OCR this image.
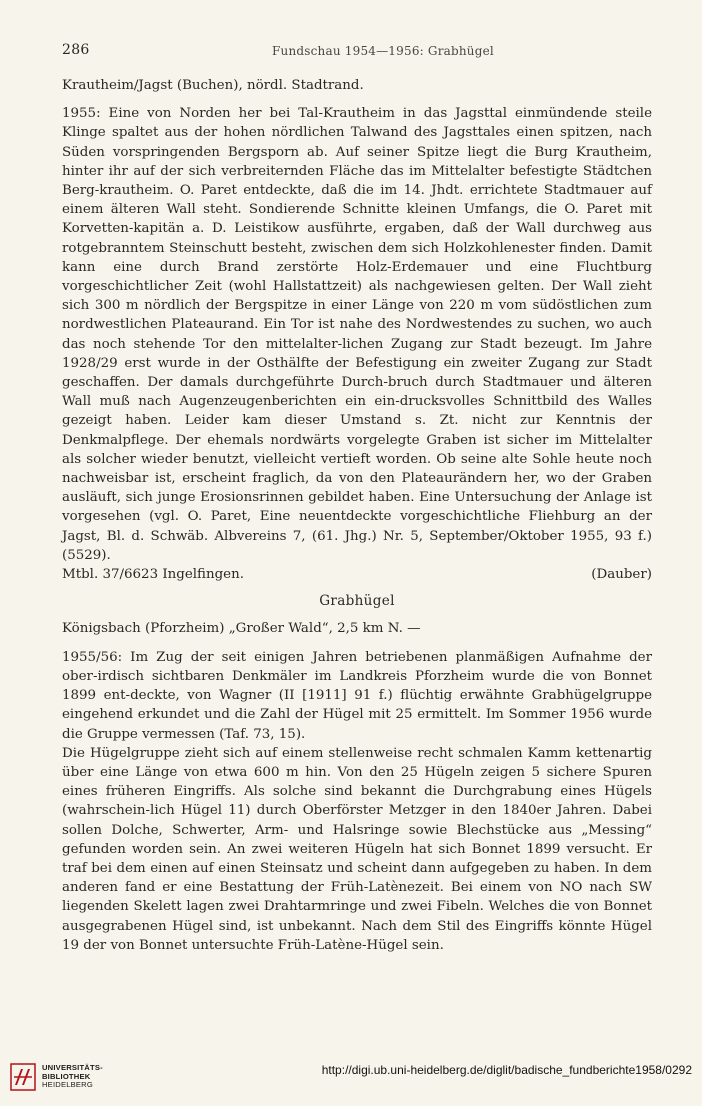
286	Fundschau 1954—1956: Grabhügel

Krautheim/Jagst (Buchen), nördl. Stadtrand.

1955: Eine von Norden her bei Tal-Krautheim in das Jagsttal einmündende steile Klinge spaltet aus der hohen nördlichen Talwand des Jagsttales einen spitzen, nach Süden vorspringenden Bergsporn ab. Auf seiner Spitze liegt die Burg Krautheim, hinter ihr auf der sich verbreiternden Fläche das im Mittelalter befestigte Städtchen Berg-krautheim. O. Paret entdeckte, daß die im 14. Jhdt. errichtete Stadtmauer auf einem älteren Wall steht. Sondierende Schnitte kleinen Umfangs, die O. Paret mit Korvetten-kapitän a. D. Leistikow ausführte, ergaben, daß der Wall durchweg aus rotgebranntem Steinschutt besteht, zwischen dem sich Holzkohlenester finden. Damit kann eine durch Brand zerstörte Holz-Erdemauer und eine Fluchtburg vorgeschichtlicher Zeit (wohl Hallstattzeit) als nachgewiesen gelten. Der Wall zieht sich 300 m nördlich der Bergspitze in einer Länge von 220 m vom südöstlichen zum nordwestlichen Plateaurand. Ein Tor ist nahe des Nordwestendes zu suchen, wo auch das noch stehende Tor den mittelalter-lichen Zugang zur Stadt bezeugt. Im Jahre 1928/29 erst wurde in der Osthälfte der Befestigung ein zweiter Zugang zur Stadt geschaffen. Der damals durchgeführte Durch-bruch durch Stadtmauer und älteren Wall muß nach Augenzeugenberichten ein ein-drucksvolles Schnittbild des Walles gezeigt haben. Leider kam dieser Umstand s. Zt. nicht zur Kenntnis der Denkmalpflege. Der ehemals nordwärts vorgelegte Graben ist sicher im Mittelalter als solcher wieder benutzt, vielleicht vertieft worden. Ob seine alte Sohle heute noch nachweisbar ist, erscheint fraglich, da von den Plateaurändern her, wo der Graben ausläuft, sich junge Erosionsrinnen gebildet haben. Eine Untersuchung der Anlage ist vorgesehen (vgl. O. Paret, Eine neuentdeckte vorgeschichtliche Fliehburg an der Jagst, Bl. d. Schwäb. Albvereins 7, (61. Jhg.) Nr. 5, September/Oktober 1955, 93 f.) (5529).

Mtbl. 37/6623 Ingelfingen.	(Dauber)

Grabhügel

Königsbach (Pforzheim) „Großer Wald“, 2,5 km N. —

1955/56: Im Zug der seit einigen Jahren betriebenen planmäßigen Aufnahme der ober-irdisch sichtbaren Denkmäler im Landkreis Pforzheim wurde die von Bonnet 1899 ent-deckte, von Wagner (II [1911] 91 f.) flüchtig erwähnte Grabhügelgruppe eingehend erkundet und die Zahl der Hügel mit 25 ermittelt. Im Sommer 1956 wurde die Gruppe vermessen (Taf. 73, 15).

Die Hügelgruppe zieht sich auf einem stellenweise recht schmalen Kamm kettenartig über eine Länge von etwa 600 m hin. Von den 25 Hügeln zeigen 5 sichere Spuren eines früheren Eingriffs. Als solche sind bekannt die Durchgrabung eines Hügels (wahrschein-lich Hügel 11) durch Oberförster Metzger in den 1840er Jahren. Dabei sollen Dolche, Schwerter, Arm- und Halsringe sowie Blechstücke aus „Messing“ gefunden worden sein. An zwei weiteren Hügeln hat sich Bonnet 1899 versucht. Er traf bei dem einen auf einen Steinsatz und scheint dann aufgegeben zu haben. In dem anderen fand er eine Bestattung der Früh-Latènezeit. Bei einem von NO nach SW liegenden Skelett lagen zwei Drahtarmringe und zwei Fibeln. Welches die von Bonnet ausgegrabenen Hügel sind, ist unbekannt. Nach dem Stil des Eingriffs könnte Hügel 19 der von Bonnet untersuchte Früh-Latène-Hügel sein.

UNIVERSITÄTS-
BIBLIOTHEK
HEIDELBERG
http://digi.ub.uni-heidelberg.de/diglit/badische_fundberichte1958/0292
